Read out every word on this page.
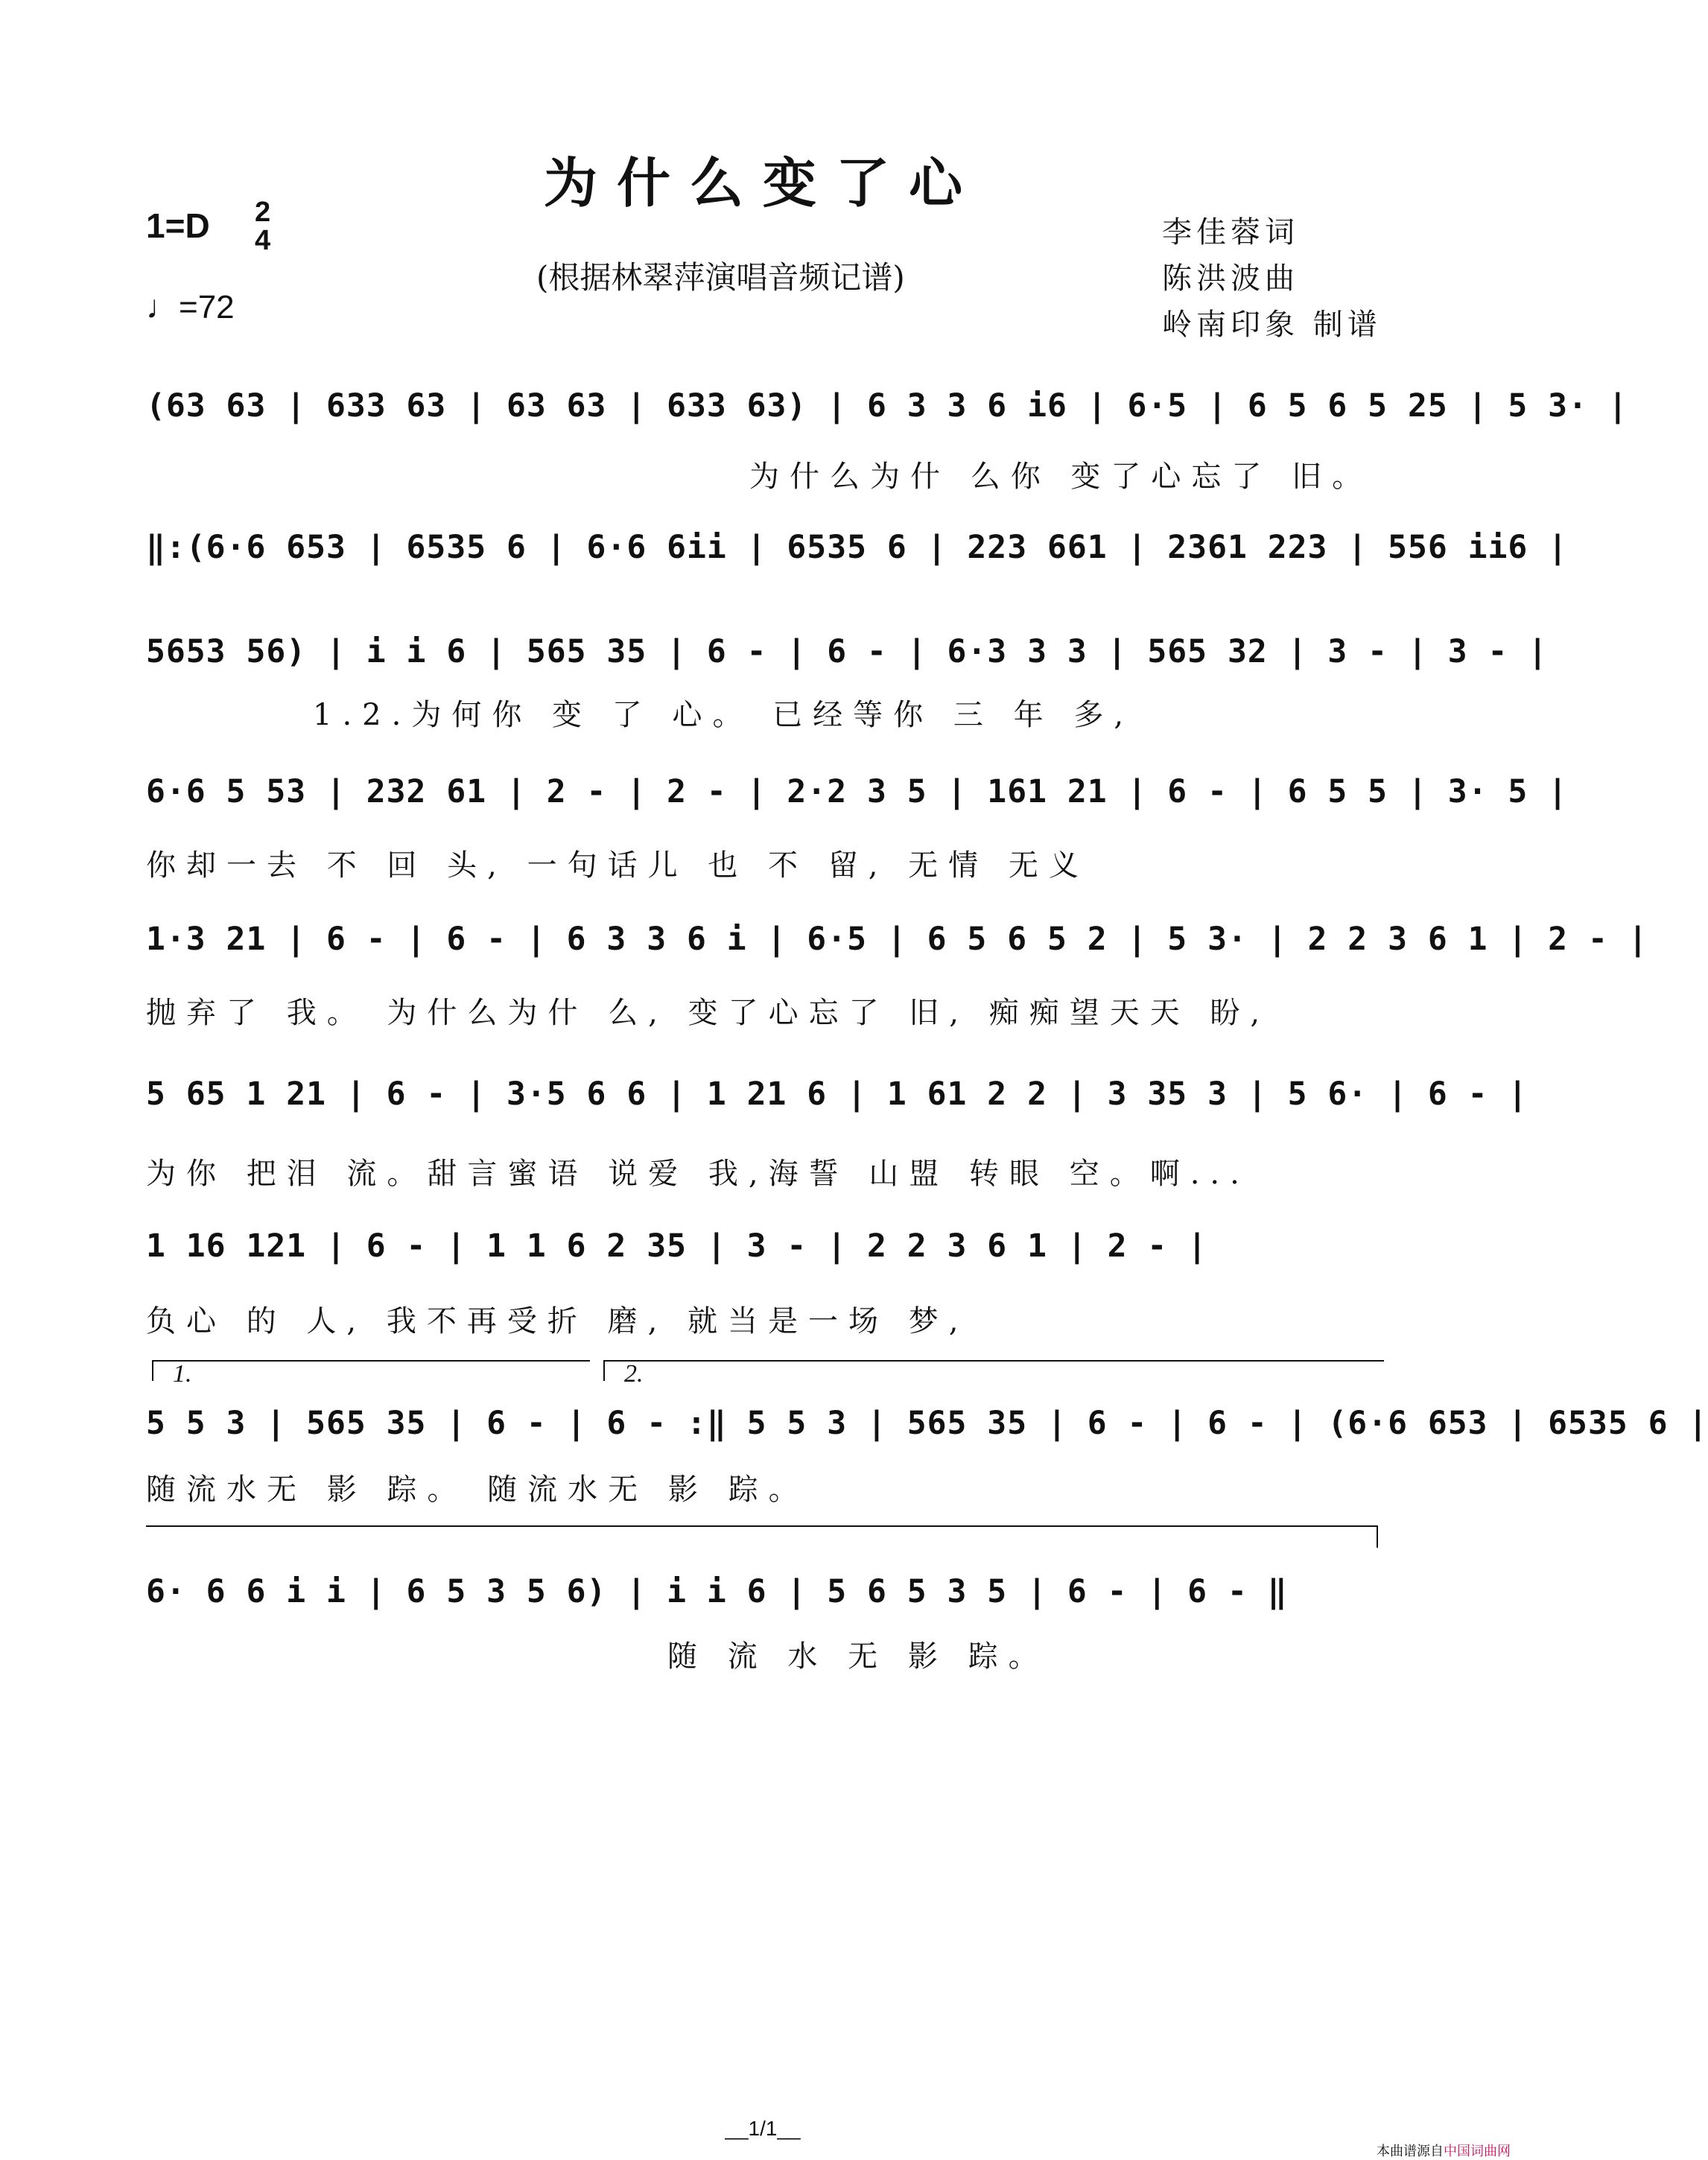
为什么变了心
1=D 2
4
♩=72
(根据林翠萍演唱音频记谱)
李佳蓉词
陈洪波曲
岭南印象 制谱
(63 63 | 633 63 | 63 63 | 633 63) | 6 3 3 6 i6 | 6·5 | 6 5 6 5 25 | 5 3· |
为什么为什 么你 变了心忘了 旧。
‖:(6·6 653 | 6535 6 | 6·6 6ii | 6535 6 | 223 661 | 2361 223 | 556 ii6 |
5653 56) | i i 6 | 565 35 | 6 - | 6 - | 6·3 3 3 | 565 32 | 3 - | 3 - |
1.2.为何你 变 了 心。 已经等你 三 年 多,
6·6 5 53 | 232 61 | 2 - | 2 - | 2·2 3 5 | 161 21 | 6 - | 6 5 5 | 3· 5 |
你却一去 不 回 头, 一句话儿 也 不 留, 无情 无义
1·3 21 | 6 - | 6 - | 6 3 3 6 i | 6·5 | 6 5 6 5 2 | 5 3· | 2 2 3 6 1 | 2 - |
抛弃了 我。 为什么为什 么, 变了心忘了 旧, 痴痴望天天 盼,
5 65 1 21 | 6 - | 3·5 6 6 | 1 21 6 | 1 61 2 2 | 3 35 3 | 5 6· | 6 - |
为你 把泪 流。甜言蜜语 说爱 我,海誓 山盟 转眼 空。啊...
1 16 121 | 6 - | 1 1 6 2 35 | 3 - | 2 2 3 6 1 | 2 - |
负心 的 人, 我不再受折 磨, 就当是一场 梦,
1.	2.
5 5 3 | 565 35 | 6 - | 6 - :‖ 5 5 3 | 565 35 | 6 - | 6 - | (6·6 653 | 6535 6 |
随流水无 影 踪。 随流水无 影 踪。
6· 6 6 i i | 6 5 3 5 6) | i i 6 | 5 6 5 3 5 | 6 - | 6 - ‖
随 流 水 无 影 踪。
__1/1__
本曲谱源自 中国词曲网
